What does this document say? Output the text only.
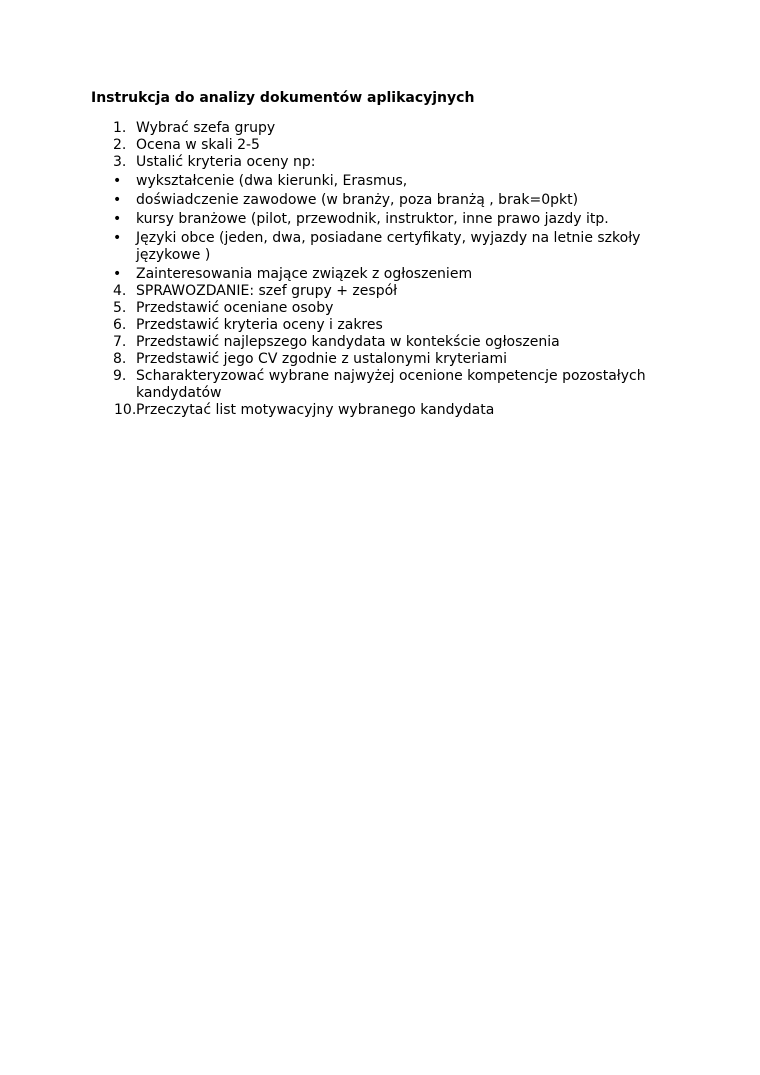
Instrukcja do analizy dokumentów aplikacyjnych
1. Wybrać szefa grupy
2. Ocena w skali 2-5
3. Ustalić kryteria oceny np:
• wykształcenie (dwa kierunki, Erasmus,
• doświadczenie zawodowe (w branży, poza branżą , brak=0pkt)
• kursy branżowe (pilot, przewodnik, instruktor, inne prawo jazdy itp.
• Języki obce (jeden, dwa, posiadane certyfikaty, wyjazdy na letnie szkoły językowe )
• Zainteresowania mające związek z ogłoszeniem
4. SPRAWOZDANIE: szef grupy + zespół
5. Przedstawić oceniane osoby
6. Przedstawić kryteria oceny i zakres
7. Przedstawić najlepszego kandydata w kontekście ogłoszenia
8. Przedstawić jego CV zgodnie z ustalonymi kryteriami
9. Scharakteryzować wybrane najwyżej ocenione kompetencje pozostałych kandydatów
10. Przeczytać list motywacyjny wybranego kandydata
